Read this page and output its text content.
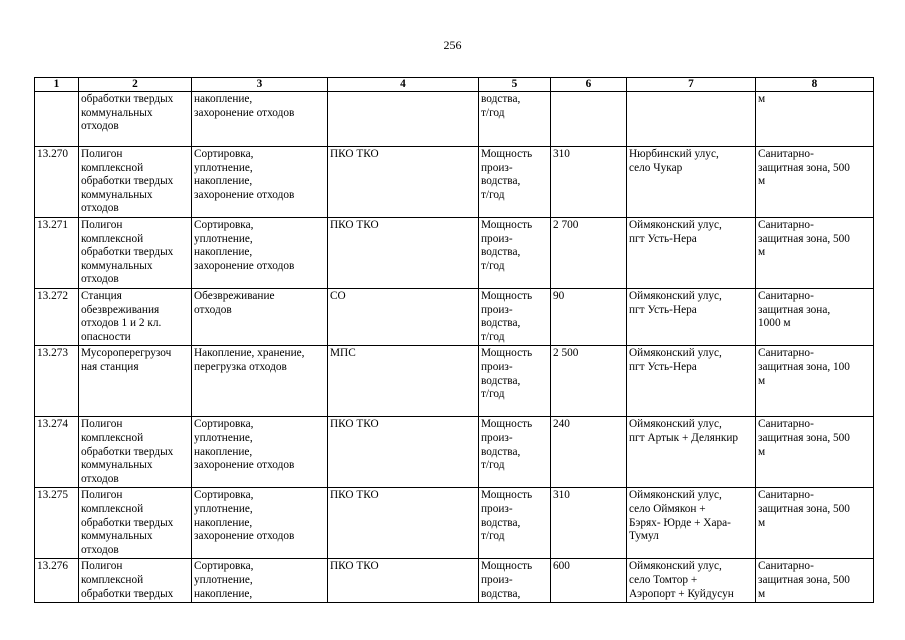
256
1	2	3	4	5	6	7	8

	обработки твердых
коммунальных
отходов	накопление,
захоронение отходов		водства,
т/год			м

13.270	Полигон
комплексной
обработки твердых
коммунальных
отходов	Сортировка,
уплотнение,
накопление,
захоронение отходов	ПКО ТКО	Мощность
произ-
водства,
т/год	310	Нюрбинский улус,
село Чукар	Санитарно-
защитная зона, 500
м

13.271	Полигон
комплексной
обработки твердых
коммунальных
отходов	Сортировка,
уплотнение,
накопление,
захоронение отходов	ПКО ТКО	Мощность
произ-
водства,
т/год	2 700	Оймяконский улус,
пгт Усть-Нера	Санитарно-
защитная зона, 500
м

13.272	Станция
обезвреживания
отходов 1 и 2 кл.
опасности	Обезвреживание
отходов	СО	Мощность
произ-
водства,
т/год	90	Оймяконский улус,
пгт Усть-Нера	Санитарно-
защитная зона,
1000 м

13.273	Мусороперегрузоч
ная станция	Накопление, хранение,
перегрузка отходов	МПС	Мощность
произ-
водства,
т/год	2 500	Оймяконский улус,
пгт Усть-Нера	Санитарно-
защитная зона, 100
м

13.274	Полигон
комплексной
обработки твердых
коммунальных
отходов	Сортировка,
уплотнение,
накопление,
захоронение отходов	ПКО ТКО	Мощность
произ-
водства,
т/год	240	Оймяконский улус,
пгт Артык + Делянкир	Санитарно-
защитная зона, 500
м

13.275	Полигон
комплексной
обработки твердых
коммунальных
отходов	Сортировка,
уплотнение,
накопление,
захоронение отходов	ПКО ТКО	Мощность
произ-
водства,
т/год	310	Оймяконский улус,
село Оймякон +
Бэрях- Юрде + Хара-
Тумул	Санитарно-
защитная зона, 500
м

13.276	Полигон
комплексной
обработки твердых	Сортировка,
уплотнение,
накопление,	ПКО ТКО	Мощность
произ-
водства,	600	Оймяконский улус,
село Томтор +
Аэропорт + Куйдусун	Санитарно-
защитная зона, 500
м
